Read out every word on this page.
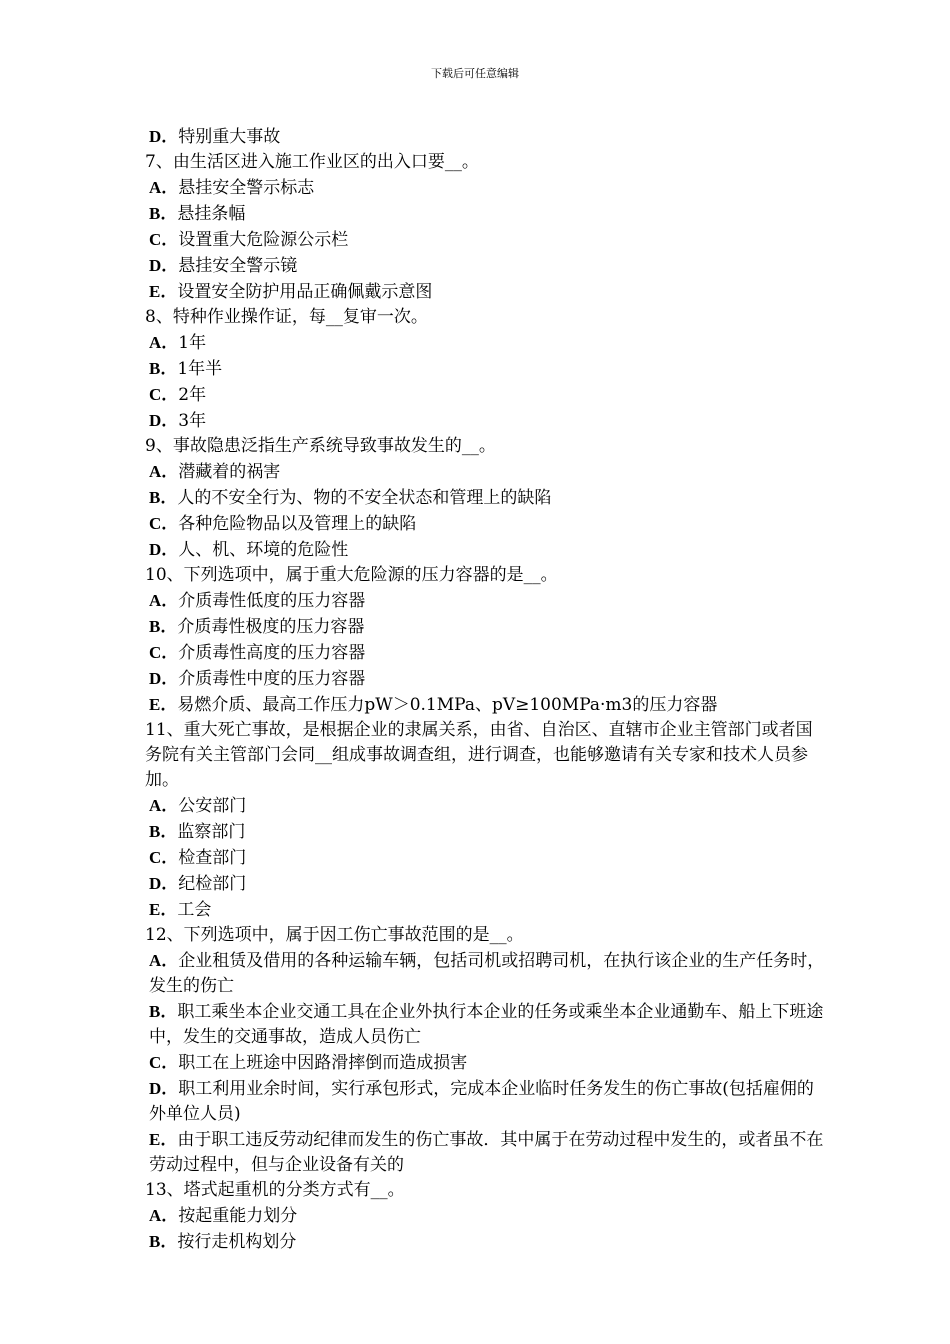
下载后可任意编辑
D．特别重大事故
7、由生活区进入施工作业区的出入口要__。
A．悬挂安全警示标志
B．悬挂条幅
C．设置重大危险源公示栏
D．悬挂安全警示镜
E．设置安全防护用品正确佩戴示意图
8、特种作业操作证，每__复审一次。
A．1年
B．1年半
C．2年
D．3年
9、事故隐患泛指生产系统导致事故发生的__。
A．潜藏着的祸害
B．人的不安全行为、物的不安全状态和管理上的缺陷
C．各种危险物品以及管理上的缺陷
D．人、机、环境的危险性
10、下列选项中，属于重大危险源的压力容器的是__。
A．介质毒性低度的压力容器
B．介质毒性极度的压力容器
C．介质毒性高度的压力容器
D．介质毒性中度的压力容器
E．易燃介质、最高工作压力pW＞0.1MPa、pV≥100MPa·m3的压力容器
11、重大死亡事故，是根据企业的隶属关系，由省、自治区、直辖市企业主管部门或者国务院有关主管部门会同__组成事故调查组，进行调查，也能够邀请有关专家和技术人员参加。
A．公安部门
B．监察部门
C．检查部门
D．纪检部门
E．工会
12、下列选项中，属于因工伤亡事故范围的是__。
A．企业租赁及借用的各种运输车辆，包括司机或招聘司机，在执行该企业的生产任务时，发生的伤亡
B．职工乘坐本企业交通工具在企业外执行本企业的任务或乘坐本企业通勤车、船上下班途中，发生的交通事故，造成人员伤亡
C．职工在上班途中因路滑摔倒而造成损害
D．职工利用业余时间，实行承包形式，完成本企业临时任务发生的伤亡事故(包括雇佣的外单位人员)
E．由于职工违反劳动纪律而发生的伤亡事故．其中属于在劳动过程中发生的，或者虽不在劳动过程中，但与企业设备有关的
13、塔式起重机的分类方式有__。
A．按起重能力划分
B．按行走机构划分
